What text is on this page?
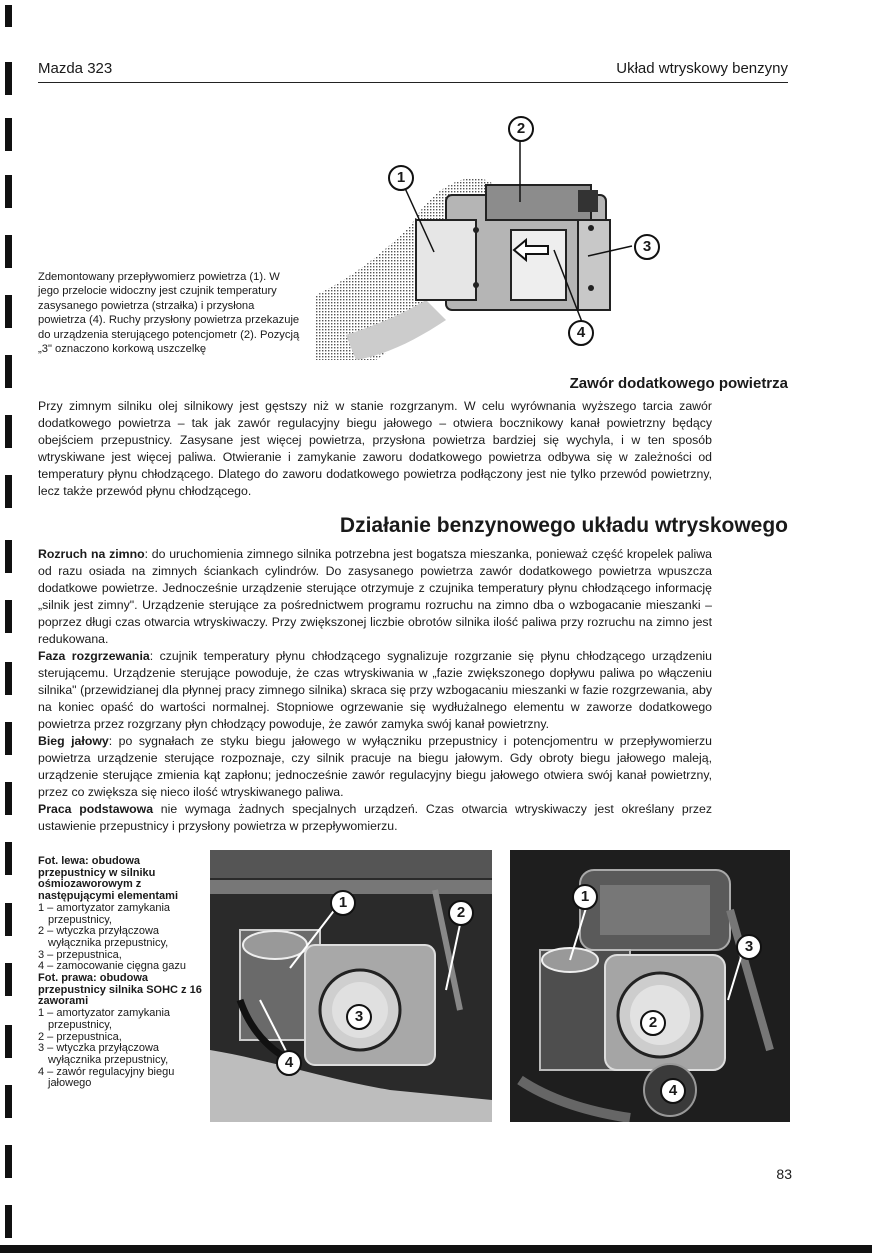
Mazda 323	Układ wtryskowy benzyny
Zdemontowany przepływomierz powietrza (1). W jego przelocie widoczny jest czujnik temperatury zasysanego powietrza (strzałka) i przysłona powietrza (4). Ruchy przysłony powietrza przekazuje do urządzenia sterującego potencjometr (2). Pozycją „3" oznaczono korkową uszczelkę
1
2
3
4
Zawór dodatkowego powietrza
Przy zimnym silniku olej silnikowy jest gęstszy niż w stanie rozgrzanym. W celu wyrównania wyższego tarcia zawór dodatkowego powietrza – tak jak zawór regulacyjny biegu jałowego – otwiera bocznikowy kanał powietrzny będący obejściem przepustnicy. Zasysane jest więcej powietrza, przysłona powietrza bardziej się wychyla, i w ten sposób wtryskiwane jest więcej paliwa. Otwieranie i zamykanie zaworu dodatkowego powietrza odbywa się w zależności od temperatury płynu chłodzącego. Dlatego do zaworu dodatkowego powietrza podłączony jest nie tylko przewód powietrzny, lecz także przewód płynu chłodzącego.
Działanie benzynowego układu wtryskowego
Rozruch na zimno: do uruchomienia zimnego silnika potrzebna jest bogatsza mieszanka, ponieważ część kropelek paliwa od razu osiada na zimnych ściankach cylindrów. Do zasysanego powietrza zawór dodatkowego powietrza wpuszcza dodatkowe powietrze. Jednocześnie urządzenie sterujące otrzymuje z czujnika temperatury płynu chłodzącego informację „silnik jest zimny". Urządzenie sterujące za pośrednictwem programu rozruchu na zimno dba o wzbogacanie mieszanki – poprzez długi czas otwarcia wtryskiwaczy. Przy zwiększonej liczbie obrotów silnika ilość paliwa przy rozruchu na zimno jest redukowana.
Faza rozgrzewania: czujnik temperatury płynu chłodzącego sygnalizuje rozgrzanie się płynu chłodzącego urządzeniu sterującemu. Urządzenie sterujące powoduje, że czas wtryskiwania w „fazie zwiększonego dopływu paliwa po włączeniu silnika" (przewidzianej dla płynnej pracy zimnego silnika) skraca się przy wzbogacaniu mieszanki w fazie rozgrzewania, aby na koniec opaść do wartości normalnej. Stopniowe ogrzewanie się wydłużalnego elementu w zaworze dodatkowego powietrza przez rozgrzany płyn chłodzący powoduje, że zawór zamyka swój kanał powietrzny.
Bieg jałowy: po sygnałach ze styku biegu jałowego w wyłączniku przepustnicy i potencjomentru w przepływomierzu powietrza urządzenie sterujące rozpoznaje, czy silnik pracuje na biegu jałowym. Gdy obroty biegu jałowego maleją, urządzenie sterujące zmienia kąt zapłonu; jednocześnie zawór regulacyjny biegu jałowego otwiera swój kanał powietrzny, przez co zwiększa się nieco ilość wtryskiwanego paliwa.
Praca podstawowa nie wymaga żadnych specjalnych urządzeń. Czas otwarcia wtryskiwaczy jest określany przez ustawienie przepustnicy i przysłony powietrza w przepływomierzu.
Fot. lewa: obudowa przepustnicy w silniku ośmiozaworowym z następującymi elementami
1 – amortyzator zamykania przepustnicy,
2 – wtyczka przyłączowa wyłącznika przepustnicy,
3 – przepustnica,
4 – zamocowanie cięgna gazu
Fot. prawa: obudowa przepustnicy silnika SOHC z 16 zaworami
1 – amortyzator zamykania przepustnicy,
2 – przepustnica,
3 – wtyczka przyłączowa wyłącznika przepustnicy,
4 – zawór regulacyjny biegu jałowego
1
2
3
4
1
3
2
4
83
